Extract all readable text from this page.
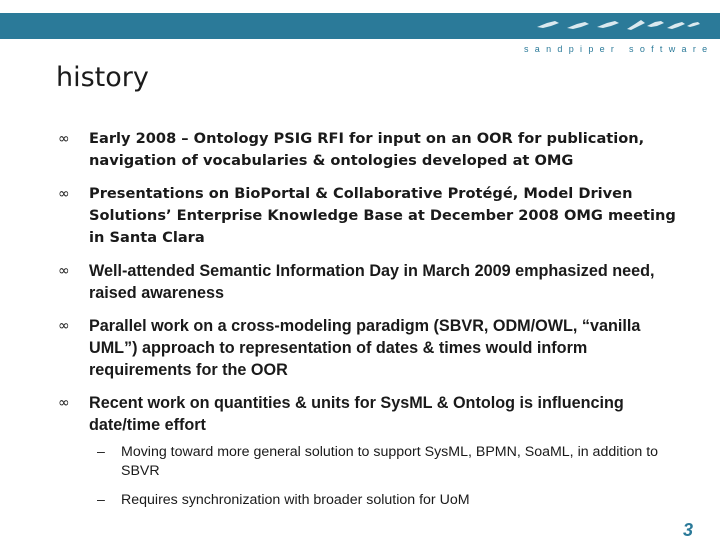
sandpiper software
history
∞ Early 2008 – Ontology PSIG RFI for input on an OOR for publication, navigation of vocabularies & ontologies developed at OMG
∞ Presentations on BioPortal & Collaborative Protégé, Model Driven Solutions’ Enterprise Knowledge Base at December 2008 OMG meeting in Santa Clara
∞ Well-attended Semantic Information Day in March 2009 emphasized need, raised awareness
∞ Parallel work on a cross-modeling paradigm (SBVR, ODM/OWL, “vanilla UML”) approach to representation of dates & times would inform requirements for the OOR
∞ Recent work on quantities & units for SysML & Ontolog is influencing date/time effort
– Moving toward more general solution to support SysML, BPMN, SoaML, in addition to SBVR
– Requires synchronization with broader solution for UoM
3
